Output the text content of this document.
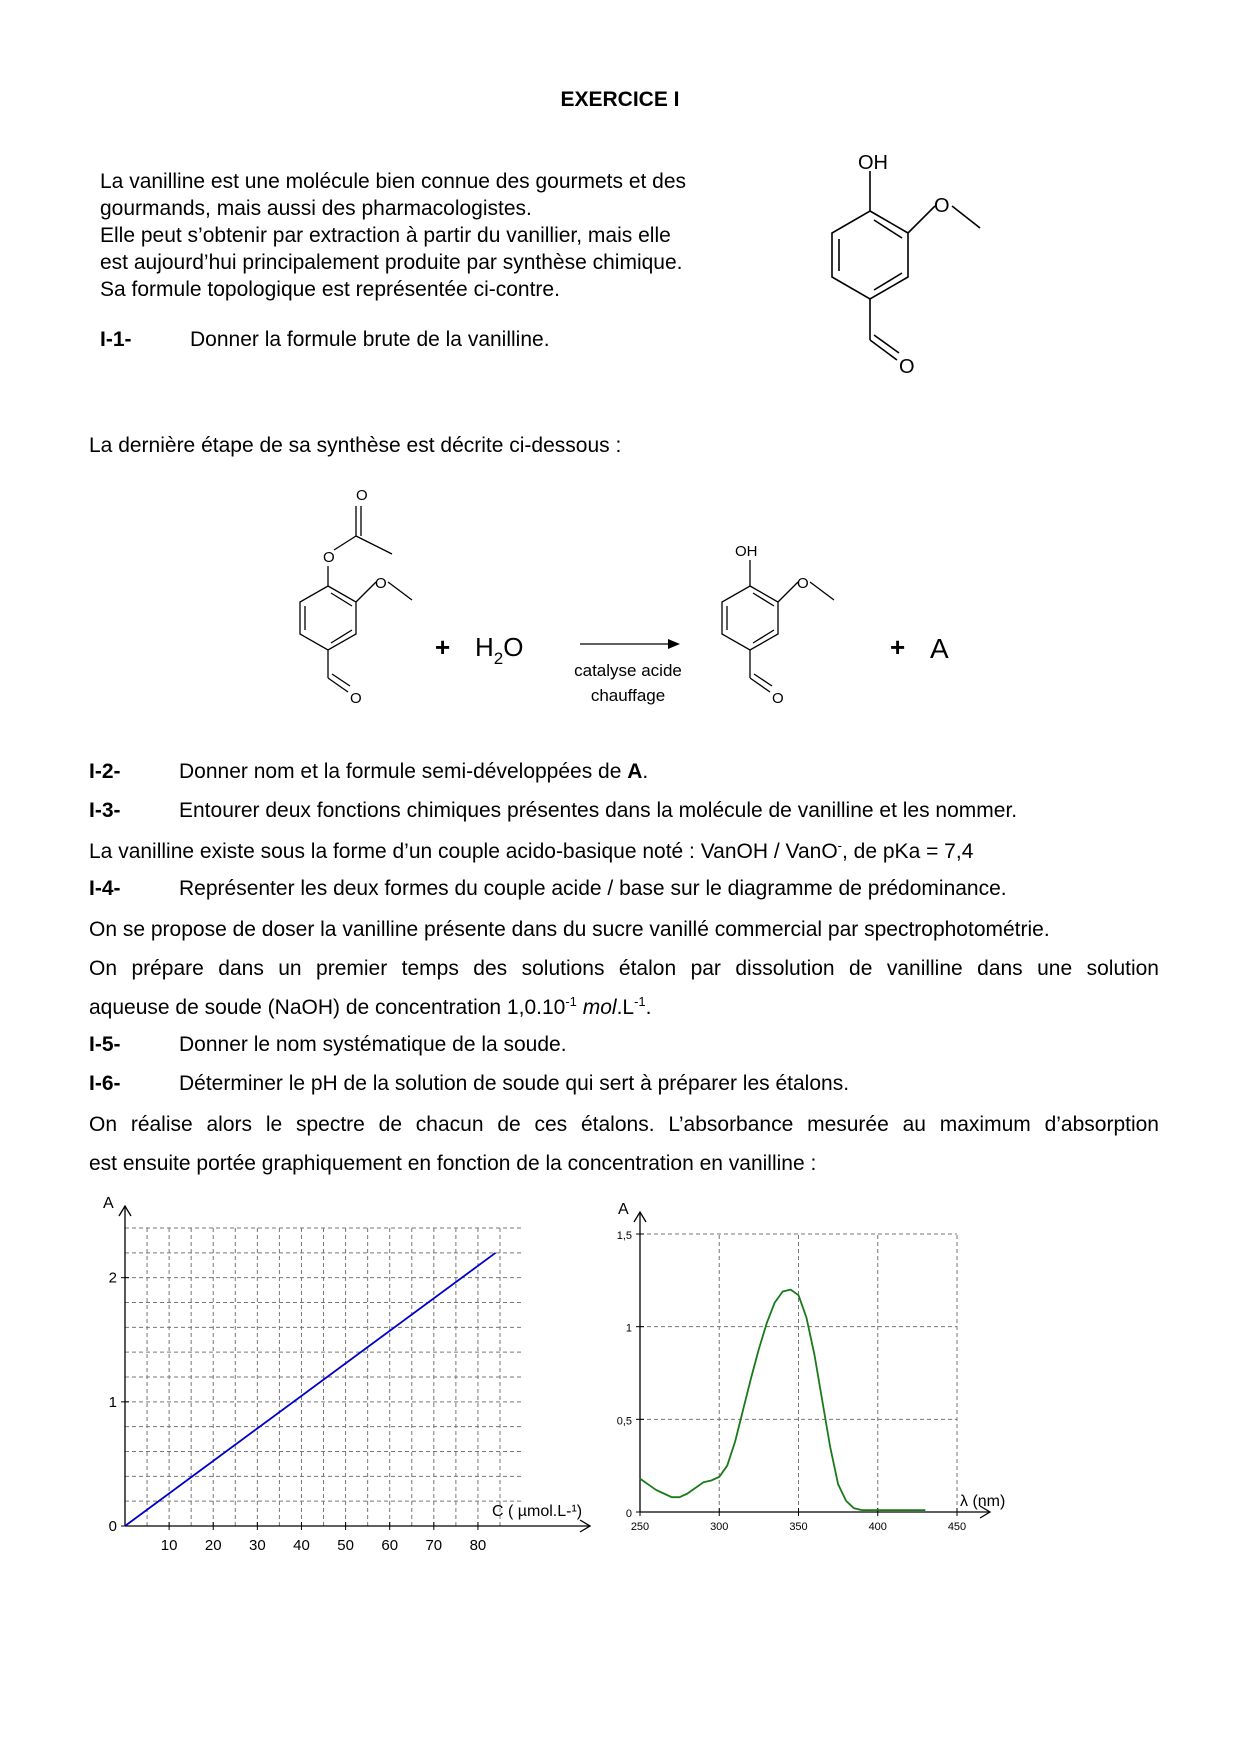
EXERCICE I
La vanilline est une molécule bien connue des gourmets et des
gourmands, mais aussi des pharmacologistes.
Elle peut s’obtenir par extraction à partir du vanillier, mais elle
est aujourd’hui principalement produite par synthèse chimique.
Sa formule topologique est représentée ci-contre.
OH
O
O
I-1-	Donner la formule brute de la vanilline.
La dernière étape de sa synthèse est décrite ci-dessous :
O
O
O
O
+ $H_2O$
catalyse acide
chauffage
OH
O
O
+ A
I-2-	Donner nom et la formule semi-développées de A.
I-3-	Entourer deux fonctions chimiques présentes dans la molécule de vanilline et les nommer.
La vanilline existe sous la forme d’un couple acido-basique noté : VanOH / VanO-, de pKa = 7,4
I-4-	Représenter les deux formes du couple acide / base sur le diagramme de prédominance.
On se propose de doser la vanilline présente dans du sucre vanillé commercial par spectrophotométrie.
On prépare dans un premier temps des solutions étalon par dissolution de vanilline dans une solution
aqueuse de soude (NaOH) de concentration $1,0.10^{-1}$ $mol.L^{-1}$.
I-5-	Donner le nom systématique de la soude.
I-6-	Déterminer le pH de la solution de soude qui sert à préparer les étalons.
On réalise alors le spectre de chacun de ces étalons. L’absorbance mesurée au maximum d’absorption
est ensuite portée graphiquement en fonction de la concentration en vanilline :
10 20 30 40 50 60 70 80
0
1
2
A
C ( µmol.L-¹)
250	300	350	400	450
0
0,5
1
1,5
A
λ (nm)
